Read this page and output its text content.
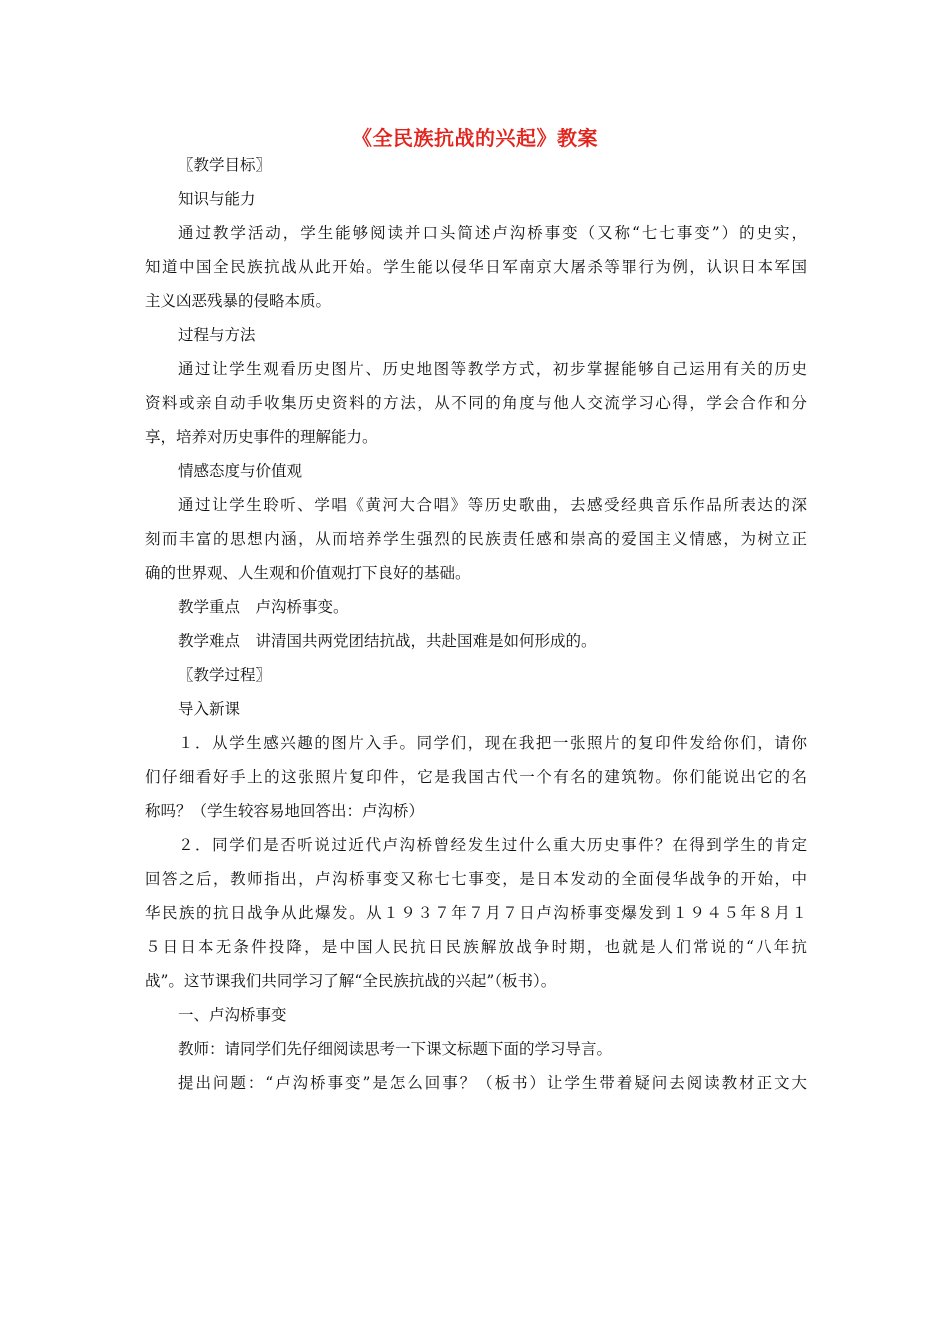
《全民族抗战的兴起》教案

〖教学目标〗

知识与能力

通过教学活动，学生能够阅读并口头简述卢沟桥事变（又称“七七事变”）的史实，
知道中国全民族抗战从此开始。学生能以侵华日军南京大屠杀等罪行为例，认识日本军国
主义凶恶残暴的侵略本质。

过程与方法

通过让学生观看历史图片、历史地图等教学方式，初步掌握能够自己运用有关的历史
资料或亲自动手收集历史资料的方法，从不同的角度与他人交流学习心得，学会合作和分
享，培养对历史事件的理解能力。

情感态度与价值观

通过让学生聆听、学唱《黄河大合唱》等历史歌曲，去感受经典音乐作品所表达的深
刻而丰富的思想内涵，从而培养学生强烈的民族责任感和崇高的爱国主义情感，为树立正
确的世界观、人生观和价值观打下良好的基础。

教学重点　卢沟桥事变。

教学难点　讲清国共两党团结抗战，共赴国难是如何形成的。

〖教学过程〗

导入新课

１．从学生感兴趣的图片入手。同学们，现在我把一张照片的复印件发给你们，请你
们仔细看好手上的这张照片复印件，它是我国古代一个有名的建筑物。你们能说出它的名
称吗？（学生较容易地回答出：卢沟桥）
２．同学们是否听说过近代卢沟桥曾经发生过什么重大历史事件？在得到学生的肯定
回答之后，教师指出，卢沟桥事变又称七七事变，是日本发动的全面侵华战争的开始，中
华民族的抗日战争从此爆发。从１９３７年７月７日卢沟桥事变爆发到１９４５年８月１
５日日本无条件投降，是中国人民抗日民族解放战争时期，也就是人们常说的“八年抗
战”。这节课我们共同学习了解“全民族抗战的兴起”（板书）。

一、卢沟桥事变

教师：请同学们先仔细阅读思考一下课文标题下面的学习导言。

提出问题：“卢沟桥事变”是怎么回事？（板书）让学生带着疑问去阅读教材正文大
